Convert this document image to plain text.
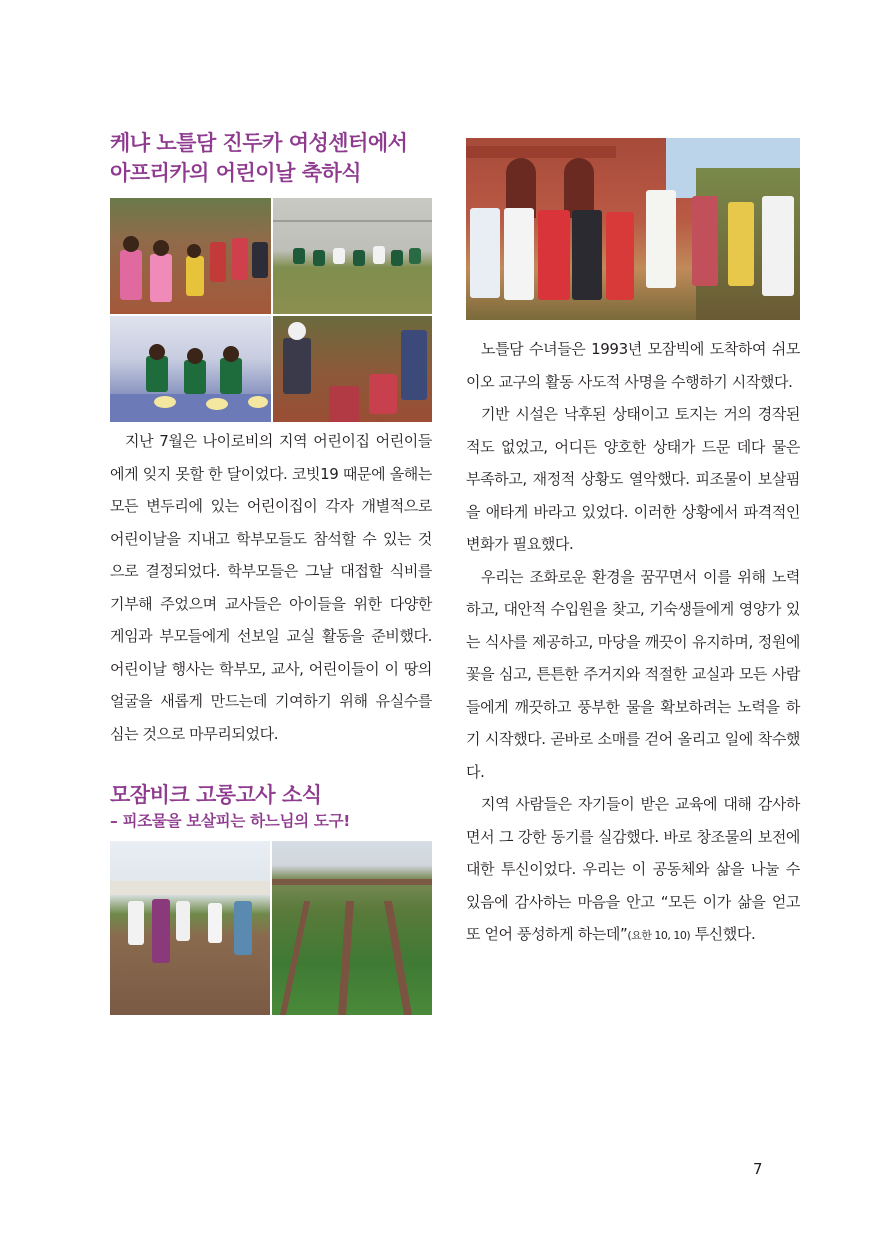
케냐 노틀담 진두카 여성센터에서
아프리카의 어린이날 축하식

지난 7월은 나이로비의 지역 어린이집 어린이들에게 잊지 못할 한 달이었다. 코빗19 때문에 올해는 모든 변두리에 있는 어린이집이 각자 개별적으로 어린이날을 지내고 학부모들도 참석할 수 있는 것으로 결정되었다. 학부모들은 그날 대접할 식비를 기부해 주었으며 교사들은 아이들을 위한 다양한 게임과 부모들에게 선보일 교실 활동을 준비했다. 어린이날 행사는 학부모, 교사, 어린이들이 이 땅의 얼굴을 새롭게 만드는데 기여하기 위해 유실수를 심는 것으로 마무리되었다.

모잠비크 고롱고사 소식
– 피조물을 보살피는 하느님의 도구!

노틀담 수녀들은 1993년 모잠빅에 도착하여 쉬모이오 교구의 활동 사도적 사명을 수행하기 시작했다.

기반 시설은 낙후된 상태이고 토지는 거의 경작된 적도 없었고, 어디든 양호한 상태가 드문 데다 물은 부족하고, 재정적 상황도 열악했다. 피조물이 보살핌을 애타게 바라고 있었다. 이러한 상황에서 파격적인 변화가 필요했다.

우리는 조화로운 환경을 꿈꾸면서 이를 위해 노력하고, 대안적 수입원을 찾고, 기숙생들에게 영양가 있는 식사를 제공하고, 마당을 깨끗이 유지하며, 정원에 꽃을 심고, 튼튼한 주거지와 적절한 교실과 모든 사람들에게 깨끗하고 풍부한 물을 확보하려는 노력을 하기 시작했다. 곧바로 소매를 걷어 올리고 일에 착수했다.

지역 사람들은 자기들이 받은 교육에 대해 감사하면서 그 강한 동기를 실감했다. 바로 창조물의 보전에 대한 투신이었다. 우리는 이 공동체와 삶을 나눌 수 있음에 감사하는 마음을 안고 “모든 이가 삶을 얻고 또 얻어 풍성하게 하는데”(요한 10, 10) 투신했다.

7
